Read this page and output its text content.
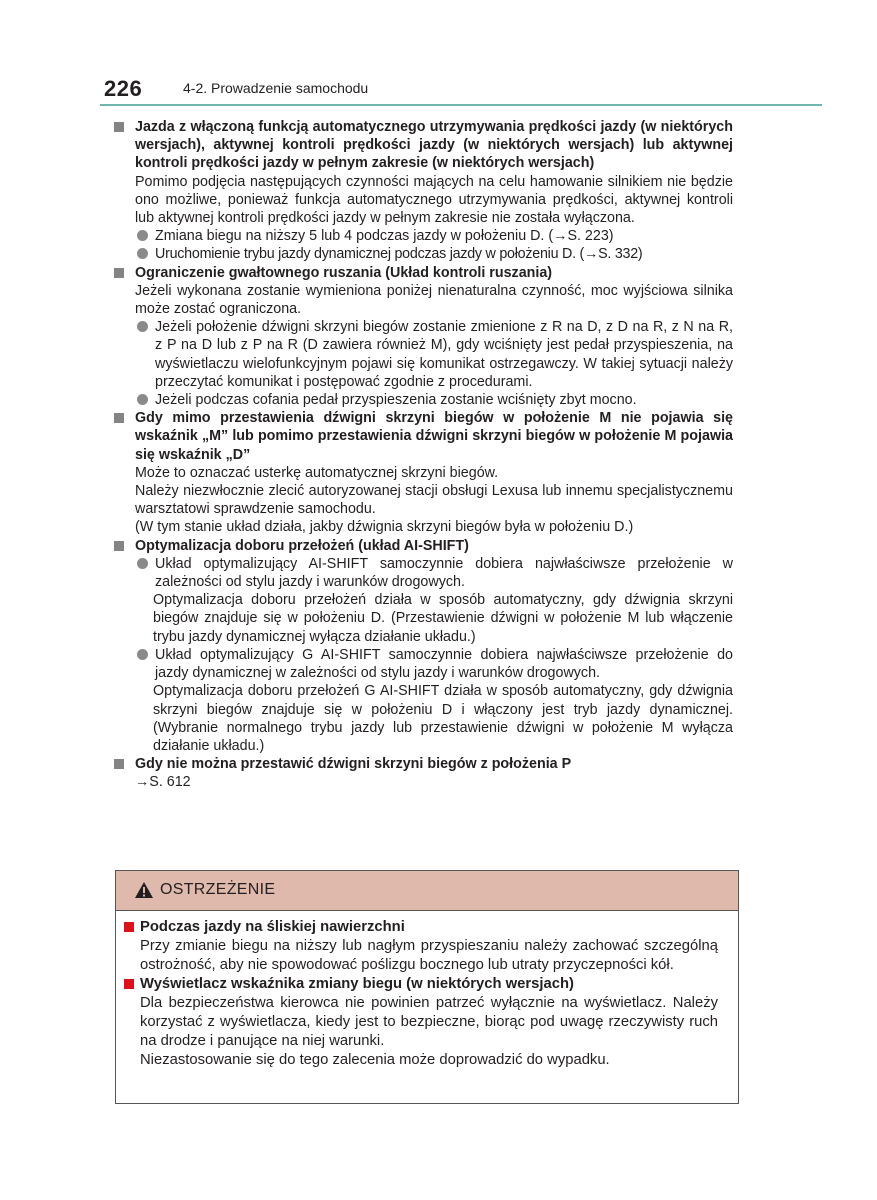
226	4-2. Prowadzenie samochodu
Jazda z włączoną funkcją automatycznego utrzymywania prędkości jazdy (w niektórych wersjach), aktywnej kontroli prędkości jazdy (w niektórych wersjach) lub aktywnej kontroli prędkości jazdy w pełnym zakresie (w niektórych wersjach)
Pomimo podjęcia następujących czynności mających na celu hamowanie silnikiem nie będzie ono możliwe, ponieważ funkcja automatycznego utrzymywania prędkości, aktywnej kontroli lub aktywnej kontroli prędkości jazdy w pełnym zakresie nie została wyłączona.
Zmiana biegu na niższy 5 lub 4 podczas jazdy w położeniu D. (→S. 223)
Uruchomienie trybu jazdy dynamicznej podczas jazdy w położeniu D. (→S. 332)
Ograniczenie gwałtownego ruszania (Układ kontroli ruszania)
Jeżeli wykonana zostanie wymieniona poniżej nienaturalna czynność, moc wyjściowa silnika może zostać ograniczona.
Jeżeli położenie dźwigni skrzyni biegów zostanie zmienione z R na D, z D na R, z N na R, z P na D lub z P na R (D zawiera również M), gdy wciśnięty jest pedał przyspieszenia, na wyświetlaczu wielofunkcyjnym pojawi się komunikat ostrzegawczy. W takiej sytuacji należy przeczytać komunikat i postępować zgodnie z procedurami.
Jeżeli podczas cofania pedał przyspieszenia zostanie wciśnięty zbyt mocno.
Gdy mimo przestawienia dźwigni skrzyni biegów w położenie M nie pojawia się wskaźnik „M” lub pomimo przestawienia dźwigni skrzyni biegów w położenie M pojawia się wskaźnik „D”
Może to oznaczać usterkę automatycznej skrzyni biegów.
Należy niezwłocznie zlecić autoryzowanej stacji obsługi Lexusa lub innemu specjalistycznemu warsztatowi sprawdzenie samochodu.
(W tym stanie układ działa, jakby dźwignia skrzyni biegów była w położeniu D.)
Optymalizacja doboru przełożeń (układ AI-SHIFT)
Układ optymalizujący AI-SHIFT samoczynnie dobiera najwłaściwsze przełożenie w zależności od stylu jazdy i warunków drogowych.
Optymalizacja doboru przełożeń działa w sposób automatyczny, gdy dźwignia skrzyni biegów znajduje się w położeniu D. (Przestawienie dźwigni w położenie M lub włączenie trybu jazdy dynamicznej wyłącza działanie układu.)
Układ optymalizujący G AI-SHIFT samoczynnie dobiera najwłaściwsze przełożenie do jazdy dynamicznej w zależności od stylu jazdy i warunków drogowych.
Optymalizacja doboru przełożeń G AI-SHIFT działa w sposób automatyczny, gdy dźwignia skrzyni biegów znajduje się w położeniu D i włączony jest tryb jazdy dynamicznej. (Wybranie normalnego trybu jazdy lub przestawienie dźwigni w położenie M wyłącza działanie układu.)
Gdy nie można przestawić dźwigni skrzyni biegów z położenia P
→S. 612
OSTRZEŻENIE
Podczas jazdy na śliskiej nawierzchni
Przy zmianie biegu na niższy lub nagłym przyspieszaniu należy zachować szczególną ostrożność, aby nie spowodować poślizgu bocznego lub utraty przyczepności kół.
Wyświetlacz wskaźnika zmiany biegu (w niektórych wersjach)
Dla bezpieczeństwa kierowca nie powinien patrzeć wyłącznie na wyświetlacz. Należy korzystać z wyświetlacza, kiedy jest to bezpieczne, biorąc pod uwagę rzeczywisty ruch na drodze i panujące na niej warunki.
Niezastosowanie się do tego zalecenia może doprowadzić do wypadku.
